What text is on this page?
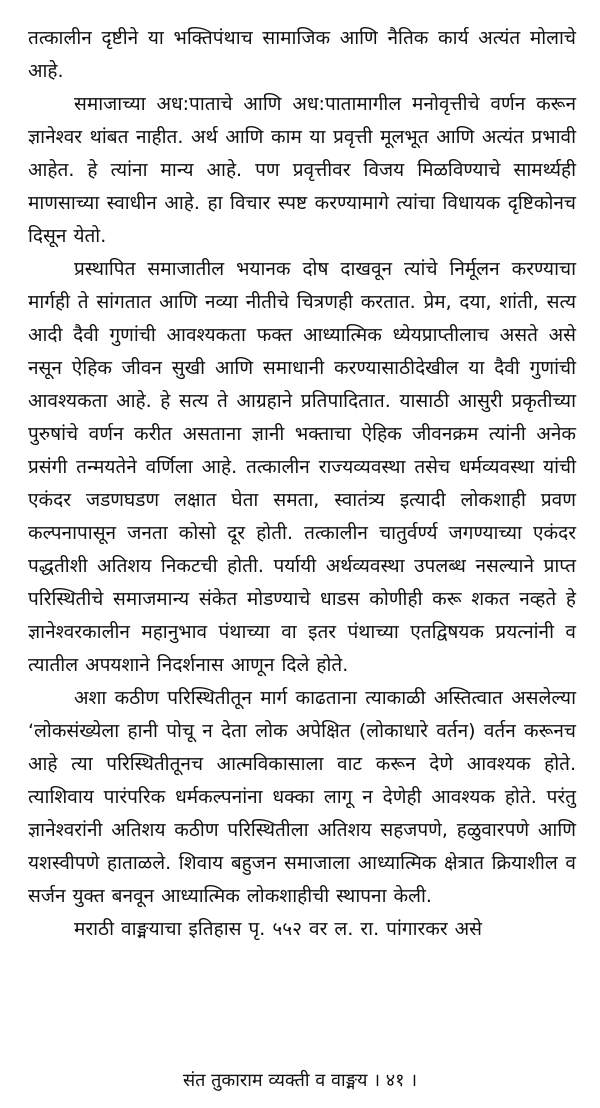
तत्कालीन दृष्टीने या भक्तिपंथाच सामाजिक आणि नैतिक कार्य अत्यंत मोलाचे आहे.

समाजाच्या अध:पाताचे आणि अध:पातामागील मनोवृत्तीचे वर्णन करून ज्ञानेश्वर थांबत नाहीत. अर्थ आणि काम या प्रवृत्ती मूलभूत आणि अत्यंत प्रभावी आहेत. हे त्यांना मान्य आहे. पण प्रवृत्तीवर विजय मिळविण्याचे सामर्थ्यही माणसाच्या स्वाधीन आहे. हा विचार स्पष्ट करण्यामागे त्यांचा विधायक दृष्टिकोनच दिसून येतो.

प्रस्थापित समाजातील भयानक दोष दाखवून त्यांचे निर्मूलन करण्याचा मार्गही ते सांगतात आणि नव्या नीतीचे चित्रणही करतात. प्रेम, दया, शांती, सत्य आदी दैवी गुणांची आवश्यकता फक्त आध्यात्मिक ध्येयप्राप्तीलाच असते असे नसून ऐहिक जीवन सुखी आणि समाधानी करण्यासाठीदेखील या दैवी गुणांची आवश्यकता आहे. हे सत्य ते आग्रहाने प्रतिपादितात. यासाठी आसुरी प्रकृतीच्या पुरुषांचे वर्णन करीत असताना ज्ञानी भक्ताचा ऐहिक जीवनक्रम त्यांनी अनेक प्रसंगी तन्मयतेने वर्णिला आहे. तत्कालीन राज्यव्यवस्था तसेच धर्मव्यवस्था यांची एकंदर जडणघडण लक्षात घेता समता, स्वातंत्र्य इत्यादी लोकशाही प्रवण कल्पनापासून जनता कोसो दूर होती. तत्कालीन चातुर्वर्ण्य जगण्याच्या एकंदर पद्धतीशी अतिशय निकटची होती. पर्यायी अर्थव्यवस्था उपलब्ध नसल्याने प्राप्त परिस्थितीचे समाजमान्य संकेत मोडण्याचे धाडस कोणीही करू शकत नव्हते हे ज्ञानेश्वरकालीन महानुभाव पंथाच्या वा इतर पंथाच्या एतद्विषयक प्रयत्नांनी व त्यातील अपयशाने निदर्शनास आणून दिले होते.

अशा कठीण परिस्थितीतून मार्ग काढताना त्याकाळी अस्तित्वात असलेल्या ‘लोकसंख्येला हानी पोचू न देता लोक अपेक्षित (लोकाधारे वर्तन) वर्तन करूनच आहे त्या परिस्थितीतूनच आत्मविकासाला वाट करून देणे आवश्यक होते. त्याशिवाय पारंपरिक धर्मकल्पनांना धक्का लागू न देणेही आवश्यक होते. परंतु ज्ञानेश्वरांनी अतिशय कठीण परिस्थितीला अतिशय सहजपणे, हळुवारपणे आणि यशस्वीपणे हाताळले. शिवाय बहुजन समाजाला आध्यात्मिक क्षेत्रात क्रियाशील व सर्जन युक्त बनवून आध्यात्मिक लोकशाहीची स्थापना केली.

मराठी वाङ्मयाचा इतिहास पृ. ५५२ वर ल. रा. पांगारकर असे

संत तुकाराम व्यक्ती व वाङ्मय । ४१ ।
